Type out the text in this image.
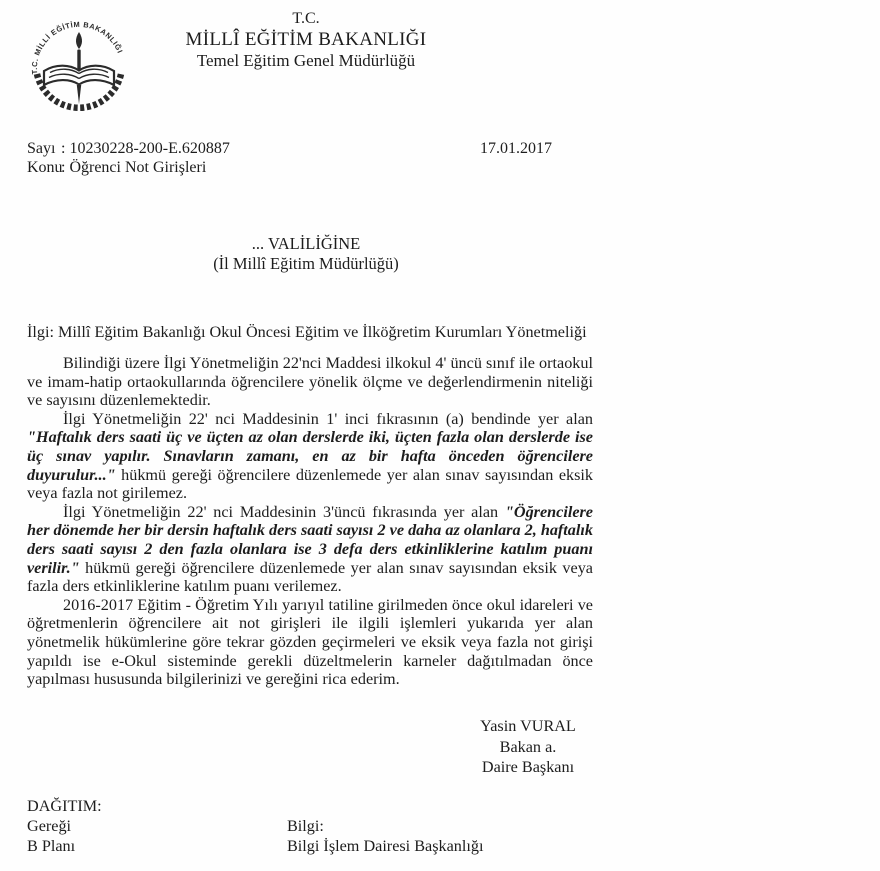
T.C. MİLLİ EĞİTİM BAKANLIĞI
T.C.
MİLLÎ EĞİTİM BAKANLIĞI
Temel Eğitim Genel Müdürlüğü
Sayı : 10230228-200-E.620887
Konu
: Öğrenci Not Girişleri
17.01.2017
... VALİLİĞİNE
(İl Millî Eğitim Müdürlüğü)
İlgi: Millî Eğitim Bakanlığı Okul Öncesi Eğitim ve İlköğretim Kurumları Yönetmeliği

Bilindiği üzere İlgi Yönetmeliğin 22'nci Maddesi ilkokul 4' üncü sınıf ile ortaokul ve imam-hatip ortaokullarında öğrencilere yönelik ölçme ve değerlendirmenin niteliği ve sayısını düzenlemektedir.

İlgi Yönetmeliğin 22' nci Maddesinin 1' inci fıkrasının (a) bendinde yer alan "Haftalık ders saati üç ve üçten az olan derslerde iki, üçten fazla olan derslerde ise üç sınav yapılır. Sınavların zamanı, en az bir hafta önceden öğrencilere duyurulur..." hükmü gereği öğrencilere düzenlemede yer alan sınav sayısından eksik veya fazla not girilemez.

İlgi Yönetmeliğin 22' nci Maddesinin 3'üncü fıkrasında yer alan "Öğrencilere her dönemde her bir dersin haftalık ders saati sayısı 2 ve daha az olanlara 2, haftalık ders saati sayısı 2 den fazla olanlara ise 3 defa ders etkinliklerine katılım puanı verilir." hükmü gereği öğrencilere düzenlemede yer alan sınav sayısından eksik veya fazla ders etkinliklerine katılım puanı verilemez.

2016-2017 Eğitim - Öğretim Yılı yarıyıl tatiline girilmeden önce okul idareleri ve öğretmenlerin öğrencilere ait not girişleri ile ilgili işlemleri yukarıda yer alan yönetmelik hükümlerine göre tekrar gözden geçirmeleri ve eksik veya fazla not girişi yapıldı ise e-Okul sisteminde gerekli düzeltmelerin karneler dağıtılmadan önce yapılması hususunda bilgilerinizi ve gereğini rica ederim.

Yasin VURAL
Bakan a.
Daire Başkanı
DAĞITIM:
Gereği	Bilgi:
B Planı	Bilgi İşlem Dairesi Başkanlığı
